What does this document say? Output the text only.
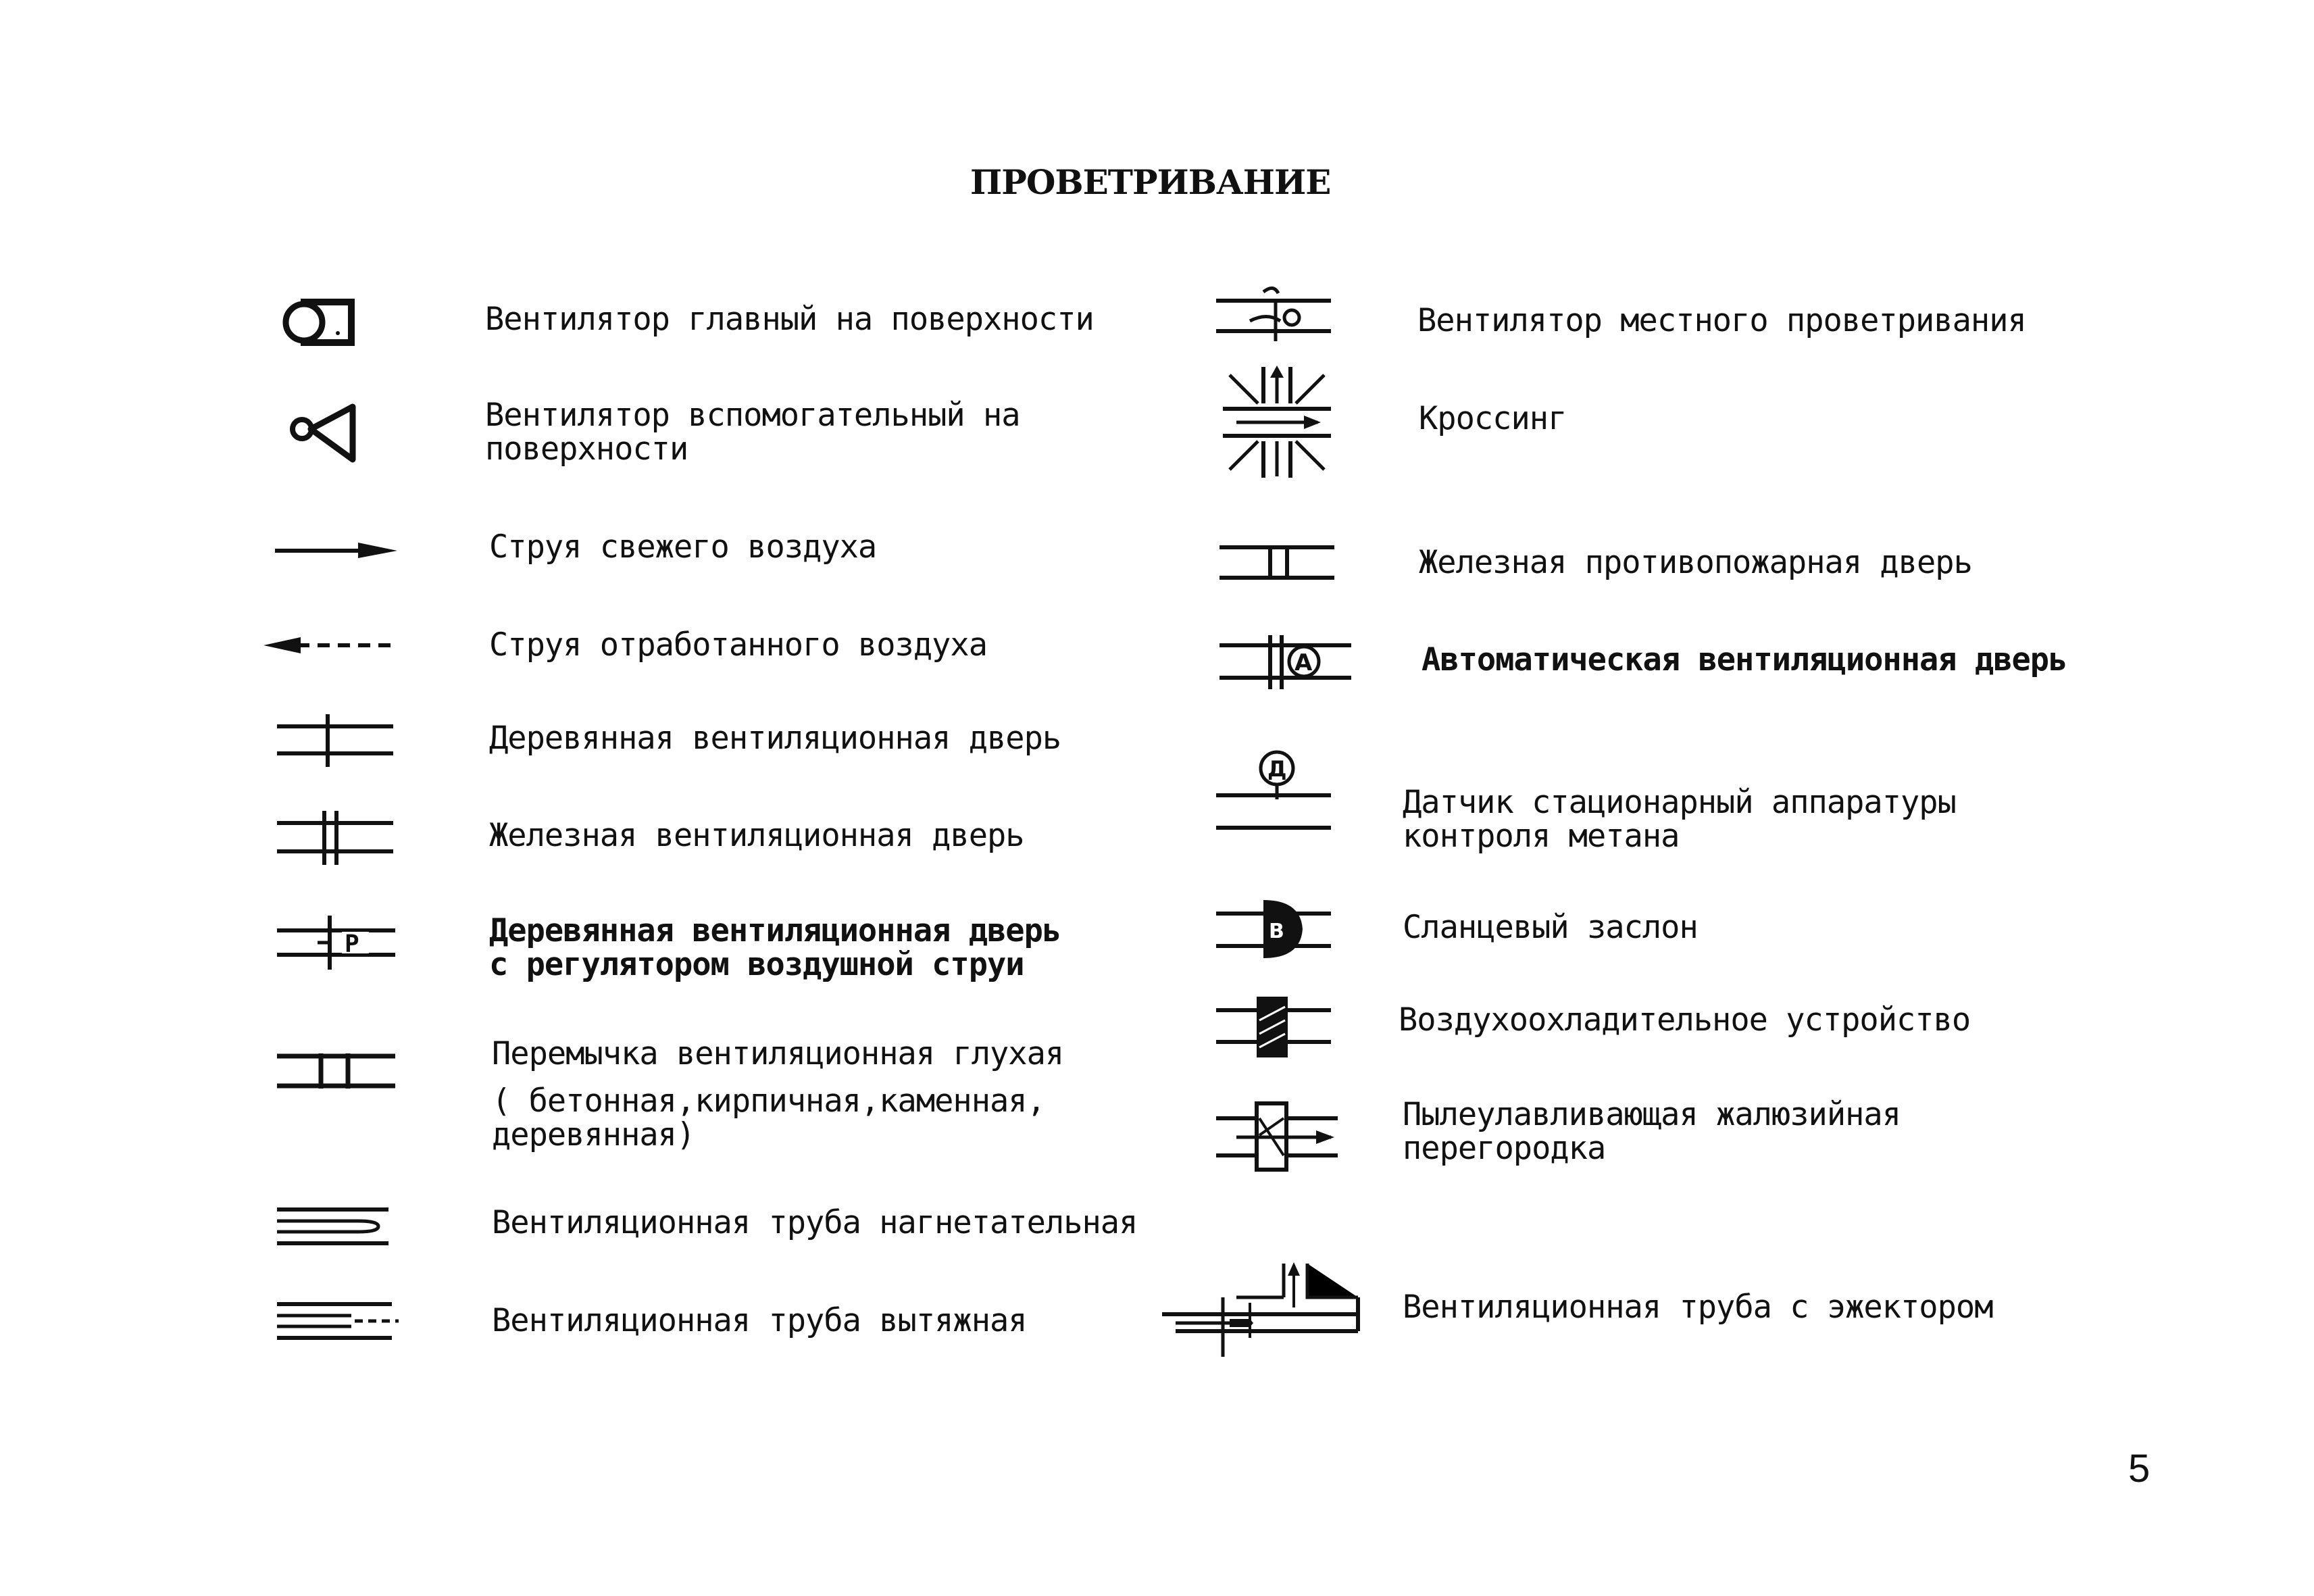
ПРОВЕТРИВАНИЕ
Вентилятор главный на поверхности
Вентилятор вспомогательный на
поверхности
Струя свежего воздуха
Струя отработанного воздуха
Деревянная вентиляционная дверь
Железная вентиляционная дверь
P	Деревянная вентиляционная дверь
с регулятором воздушной струи
Перемычка вентиляционная глухая
( бетонная,кирпичная,каменная,
деревянная)
Вентиляционная труба нагнетательная
Вентиляционная труба вытяжная
Вентилятор местного проветривания
Кроссинг
Железная противопожарная дверь
A	Автоматическая вентиляционная дверь
Д
Датчик стационарный аппаратуры
контроля метана
B	Сланцевый заслон
Воздухоохладительное устройство
Пылеулавливающая жалюзийная
перегородка
Вентиляционная труба с эжектором
5
